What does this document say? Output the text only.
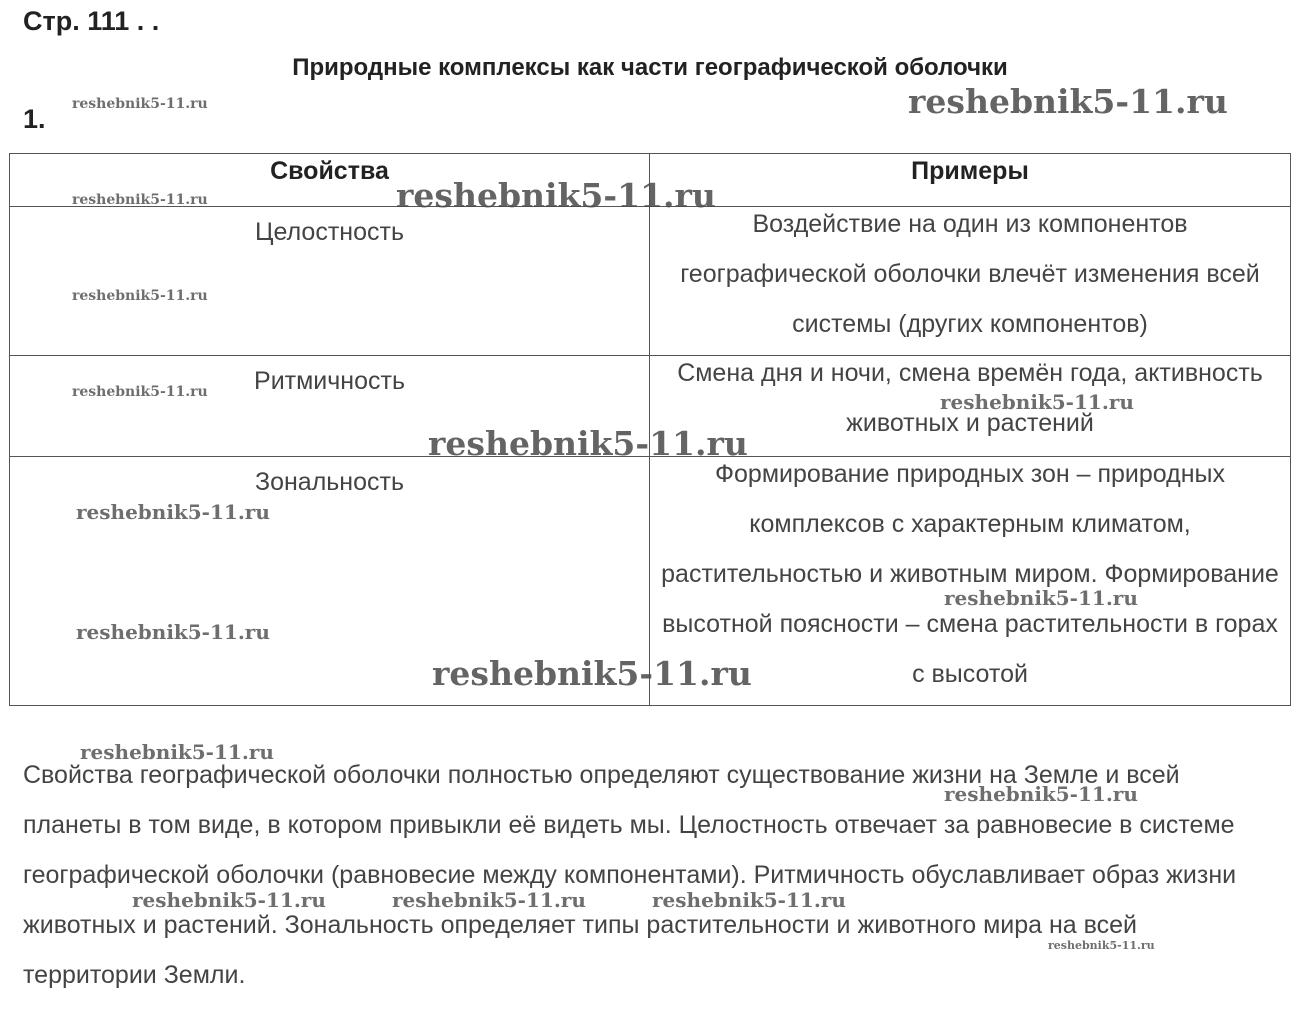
Стр. 111 . .
Природные комплексы как части географической оболочки
1.
Свойства	Примеры
Целостность	Воздействие на один из компонентов географической оболочки влечёт изменения всей системы (других компонентов)

Ритмичность	Смена дня и ночи, смена времён года, активность животных и растений

Зональность	Формирование природных зон – природных комплексов с характерным климатом, растительностью и животным миром. Формирование высотной поясности – смена растительности в горах с высотой
Свойства географической оболочки полностью определяют существование жизни на Земле и всей планеты в том виде, в котором привыкли её видеть мы. Целостность отвечает за равновесие в системе географической оболочки (равновесие между компонентами). Ритмичность обуславливает образ жизни животных и растений. Зональность определяет типы растительности и животного мира на всей территории Земли.
reshebnik5-11.ru	reshebnik5-11.ru
reshebnik5-11.ru	reshebnik5-11.ru
reshebnik5-11.ru
reshebnik5-11.ru	reshebnik5-11.ru
reshebnik5-11.ru
reshebnik5-11.ru
reshebnik5-11.ru
reshebnik5-11.ru
reshebnik5-11.ru
reshebnik5-11.ru
reshebnik5-11.ru
reshebnik5-11.ru	reshebnik5-11.ru	reshebnik5-11.ru
reshebnik5-11.ru
